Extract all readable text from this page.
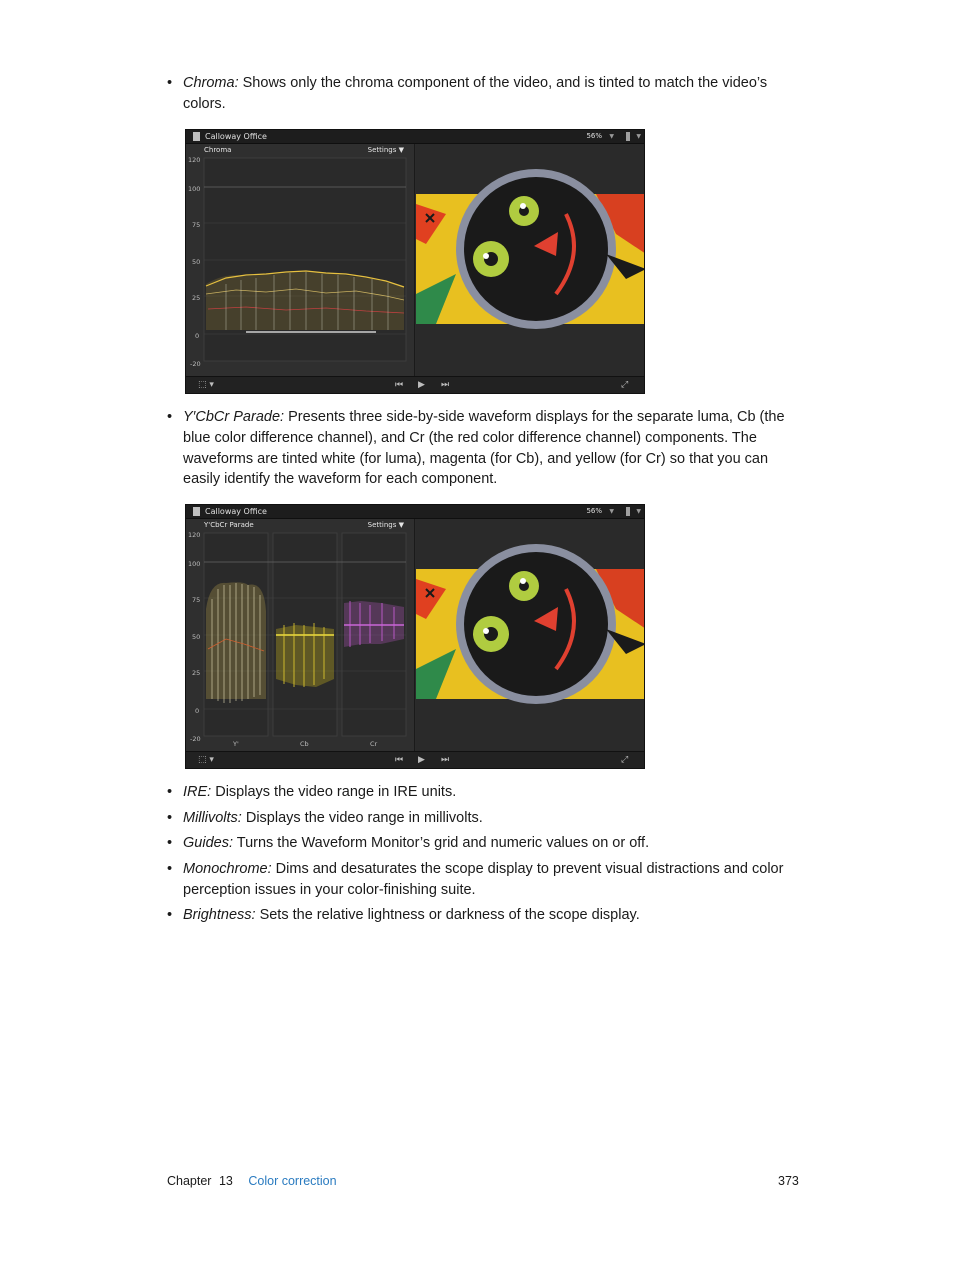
• Chroma: Shows only the chroma component of the video, and is tinted to match the video’s colors.
Calloway Office	56% ▼	▼
120
100
75
50
25
0
-20
Chroma	Settings ▼
⬚ ▾	⏮ ▶ ⏭	⤢
• Y′CbCr Parade: Presents three side-by-side waveform displays for the separate luma, Cb (the blue color difference channel), and Cr (the red color difference channel) components. The waveforms are tinted white (for luma), magenta (for Cb), and yellow (for Cr) so that you can easily identify the waveform for each component.
Calloway Office	56% ▼	▼
120
100
75
50
25
0
-20
Y'	Cb	Cr
Y'CbCr Parade	Settings ▼
⬚ ▾	⏮ ▶ ⏭	⤢
• IRE: Displays the video range in IRE units.
• Millivolts: Displays the video range in millivolts.
• Guides: Turns the Waveform Monitor’s grid and numeric values on or off.
• Monochrome: Dims and desaturates the scope display to prevent visual distractions and color perception issues in your color-finishing suite.
• Brightness: Sets the relative lightness or darkness of the scope display.
Chapter 13 Color correction	373
